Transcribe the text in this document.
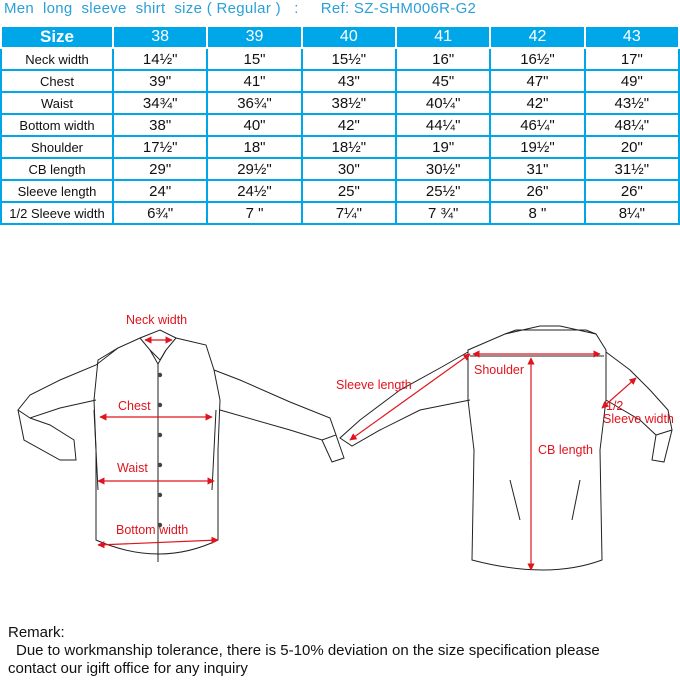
Men  long  sleeve  shirt  size ( Regular )   : Ref: SZ-SHM006R-G2
Size	38	39	40	41	42	43
Neck width	14½"	15"	15½"	16"	16½"	17"
Chest	39"	41"	43"	45"	47"	49"
Waist	34¾"	36¾"	38½"	40¼"	42"	43½"
Bottom width	38"	40"	42"	44¼"	46¼"	48¼"
Shoulder	17½"	18"	18½"	19"	19½"	20"
CB length	29"	29½"	30"	30½"	31"	31½"
Sleeve length	24"	24½"	25"	25½"	26"	26"
1/2 Sleeve width	6¾"	7 "	7¼"	7 ¾"	8 "	8¼"
Neck width
Chest
Waist
Bottom width
Sleeve length
Shoulder
CB length
1/2
Sleeve width
Remark:
Due to workmanship tolerance, there is 5-10% deviation on the size specification please
contact our igift office for any inquiry
